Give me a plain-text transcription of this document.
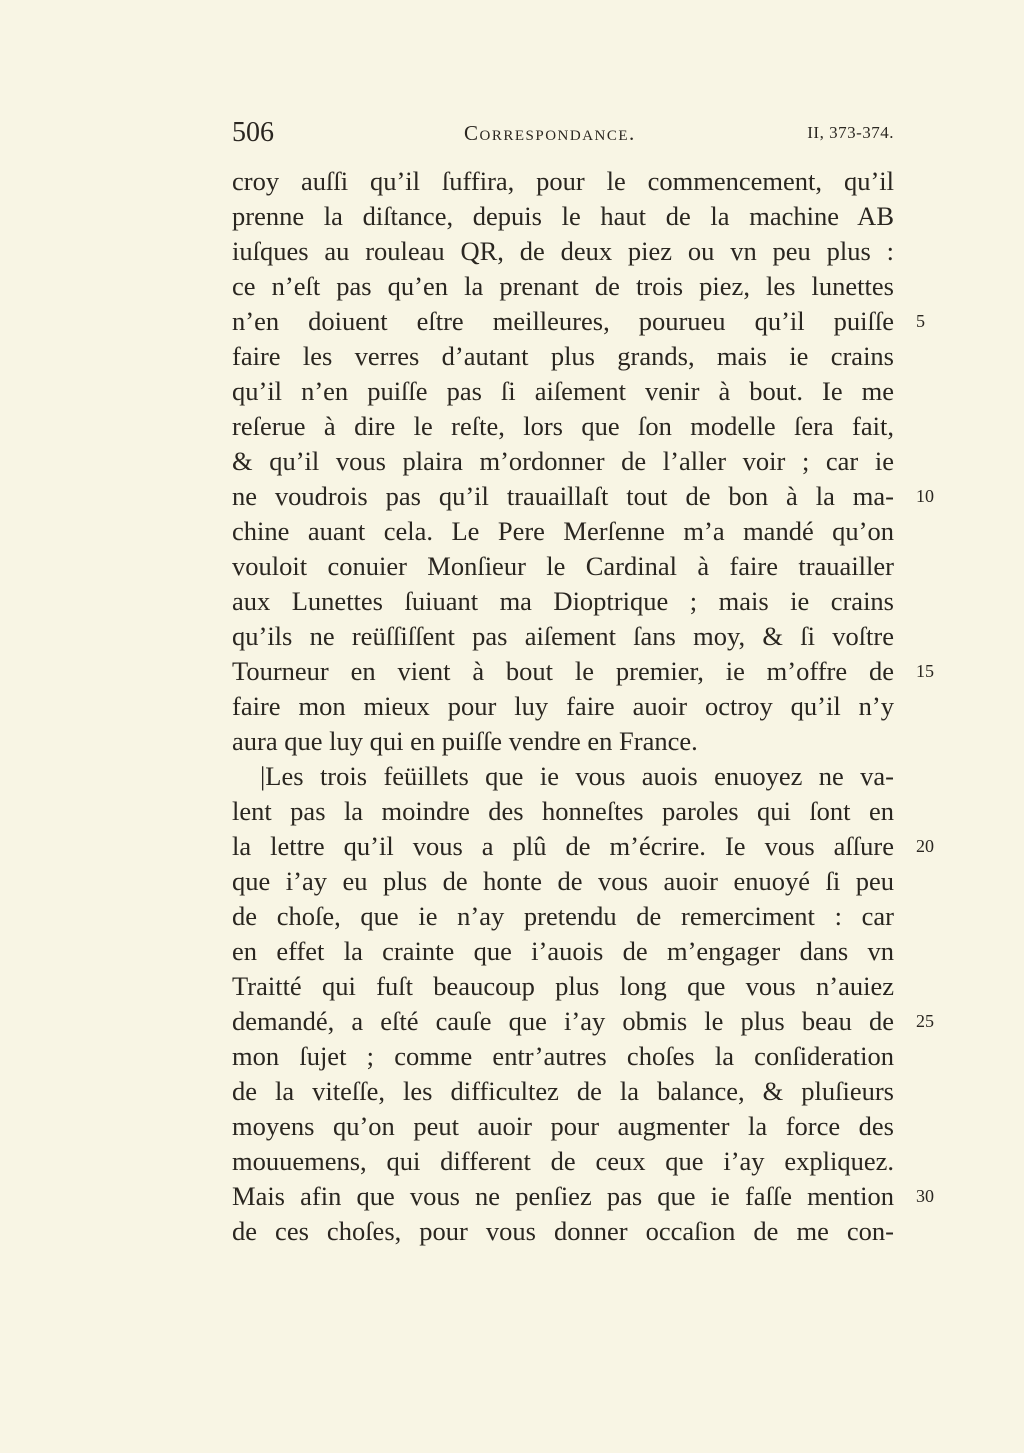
506	Correspondance.	II, 373-374.
croy auſſi qu’il ſuffira, pour le commencement, qu’il
prenne la diſtance, depuis le haut de la machine AB
iuſques au rouleau QR, de deux piez ou vn peu plus :
ce n’eſt pas qu’en la prenant de trois piez, les lunettes
n’en doiuent eſtre meilleures, pourueu qu’il puiſſe
faire les verres d’autant plus grands, mais ie crains
qu’il n’en puiſſe pas ſi aiſement venir à bout. Ie me
reſerue à dire le reſte, lors que ſon modelle ſera fait,
& qu’il vous plaira m’ordonner de l’aller voir ; car ie
ne voudrois pas qu’il trauaillaſt tout de bon à la ma-
chine auant cela. Le Pere Merſenne m’a mandé qu’on
vouloit conuier Monſieur le Cardinal à faire trauailler
aux Lunettes ſuiuant ma Dioptrique ; mais ie crains
qu’ils ne reüſſiſſent pas aiſement ſans moy, & ſi voſtre
Tourneur en vient à bout le premier, ie m’offre de
faire mon mieux pour luy faire auoir octroy qu’il n’y
aura que luy qui en puiſſe vendre en France.
|Les trois feüillets que ie vous auois enuoyez ne va-
lent pas la moindre des honneſtes paroles qui ſont en
la lettre qu’il vous a plû de m’écrire. Ie vous aſſure
que i’ay eu plus de honte de vous auoir enuoyé ſi peu
de choſe, que ie n’ay pretendu de remerciment : car
en effet la crainte que i’auois de m’engager dans vn
Traitté qui fuſt beaucoup plus long que vous n’auiez
demandé, a eſté cauſe que i’ay obmis le plus beau de
mon ſujet ; comme entr’autres choſes la conſideration
de la viteſſe, les difficultez de la balance, & pluſieurs
moyens qu’on peut auoir pour augmenter la force des
mouuemens, qui different de ceux que i’ay expliquez.
Mais afin que vous ne penſiez pas que ie faſſe mention
de ces choſes, pour vous donner occaſion de me con-
5
10
15
20
25
30
